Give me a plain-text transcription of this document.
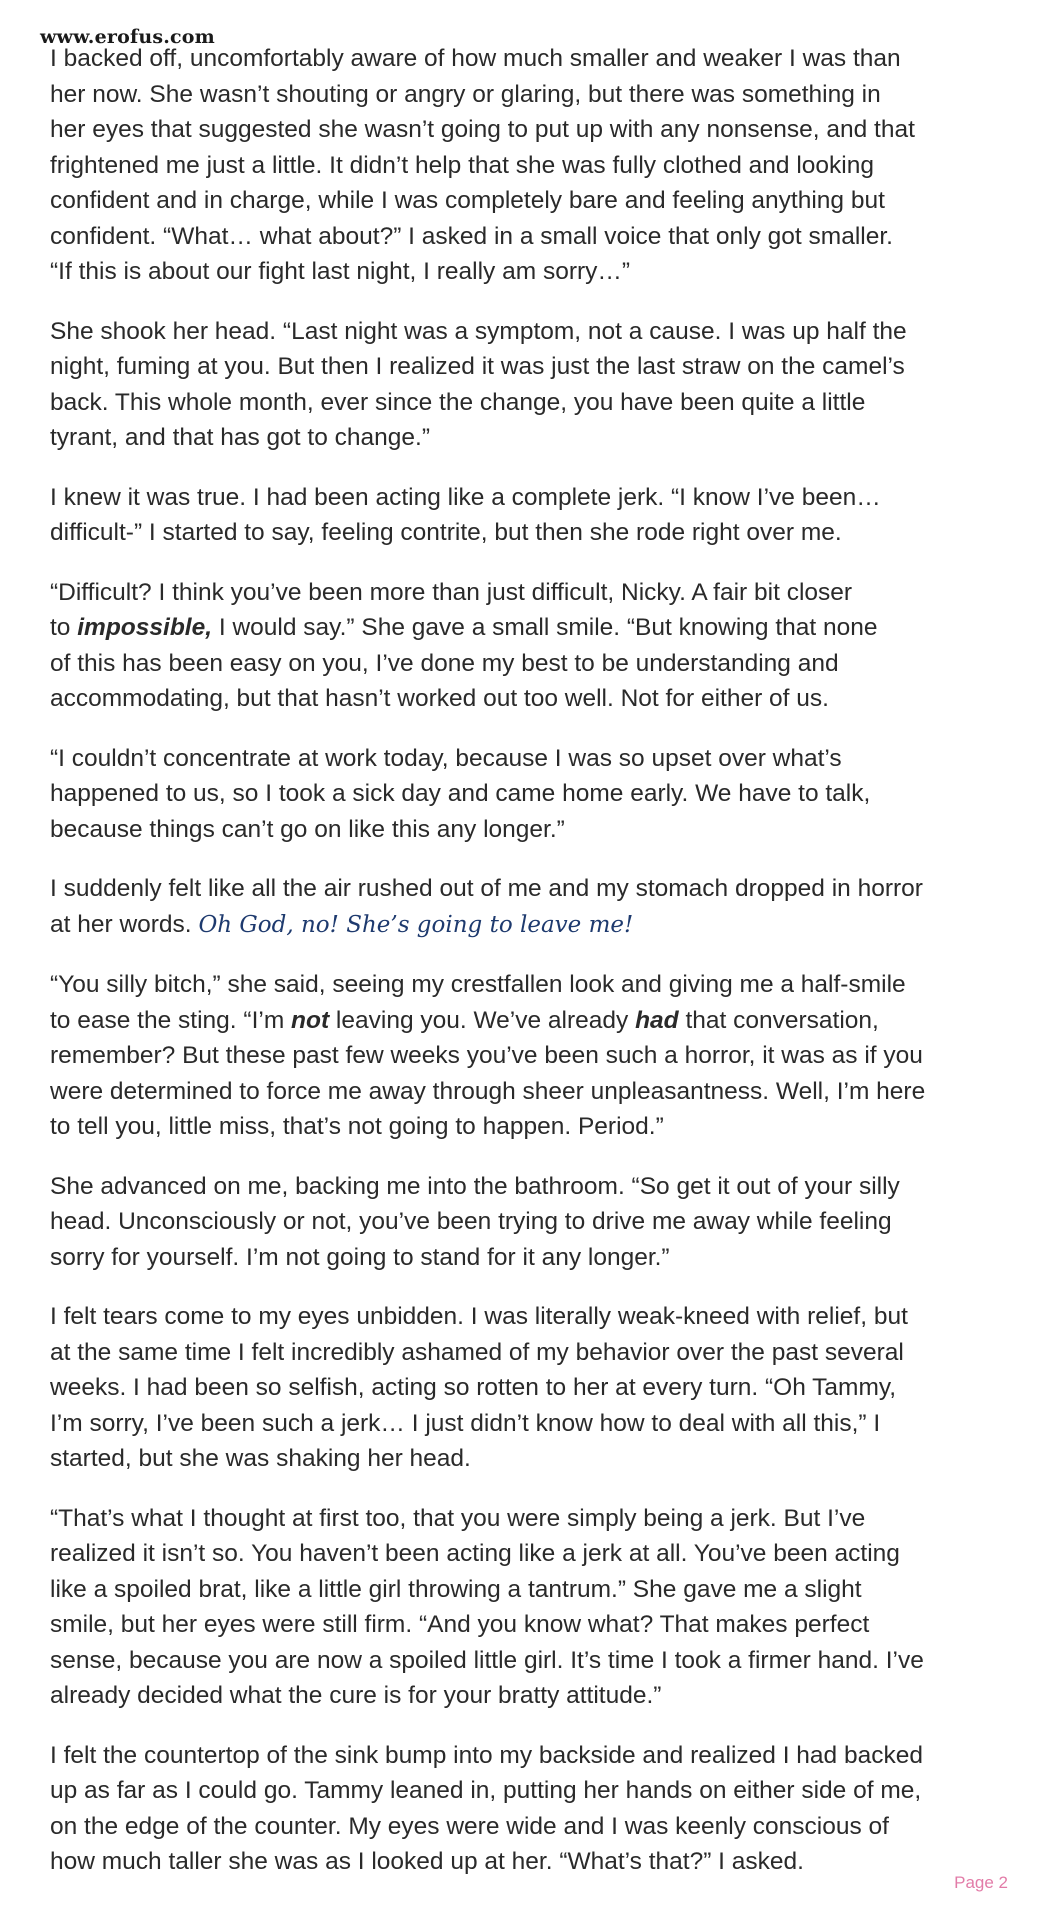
www.erofus.com

I backed off, uncomfortably aware of how much smaller and weaker I was than
her now. She wasn’t shouting or angry or glaring, but there was something in
her eyes that suggested she wasn’t going to put up with any nonsense, and that
frightened me just a little. It didn’t help that she was fully clothed and looking
confident and in charge, while I was completely bare and feeling anything but
confident. “What… what about?” I asked in a small voice that only got smaller.
“If this is about our fight last night, I really am sorry…”

She shook her head. “Last night was a symptom, not a cause. I was up half the
night, fuming at you. But then I realized it was just the last straw on the camel’s
back. This whole month, ever since the change, you have been quite a little
tyrant, and that has got to change.”

I knew it was true. I had been acting like a complete jerk. “I know I’ve been…
difficult-” I started to say, feeling contrite, but then she rode right over me.

“Difficult? I think you’ve been more than just difficult, Nicky. A fair bit closer
to impossible, I would say.” She gave a small smile. “But knowing that none
of this has been easy on you, I’ve done my best to be understanding and
accommodating, but that hasn’t worked out too well. Not for either of us.

“I couldn’t concentrate at work today, because I was so upset over what’s
happened to us, so I took a sick day and came home early. We have to talk,
because things can’t go on like this any longer.”

I suddenly felt like all the air rushed out of me and my stomach dropped in horror
at her words. Oh God, no! She’s going to leave me!

“You silly bitch,” she said, seeing my crestfallen look and giving me a half-smile
to ease the sting. “I’m not leaving you. We’ve already had that conversation,
remember? But these past few weeks you’ve been such a horror, it was as if you
were determined to force me away through sheer unpleasantness. Well, I’m here
to tell you, little miss, that’s not going to happen. Period.”

She advanced on me, backing me into the bathroom. “So get it out of your silly
head. Unconsciously or not, you’ve been trying to drive me away while feeling
sorry for yourself. I’m not going to stand for it any longer.”

I felt tears come to my eyes unbidden. I was literally weak-kneed with relief, but
at the same time I felt incredibly ashamed of my behavior over the past several
weeks. I had been so selfish, acting so rotten to her at every turn. “Oh Tammy,
I’m sorry, I’ve been such a jerk… I just didn’t know how to deal with all this,” I
started, but she was shaking her head.

“That’s what I thought at first too, that you were simply being a jerk. But I’ve
realized it isn’t so. You haven’t been acting like a jerk at all. You’ve been acting
like a spoiled brat, like a little girl throwing a tantrum.” She gave me a slight
smile, but her eyes were still firm. “And you know what? That makes perfect
sense, because you are now a spoiled little girl. It’s time I took a firmer hand. I’ve
already decided what the cure is for your bratty attitude.”

I felt the countertop of the sink bump into my backside and realized I had backed
up as far as I could go. Tammy leaned in, putting her hands on either side of me,
on the edge of the counter. My eyes were wide and I was keenly conscious of
how much taller she was as I looked up at her. “What’s that?” I asked.

Page 2
